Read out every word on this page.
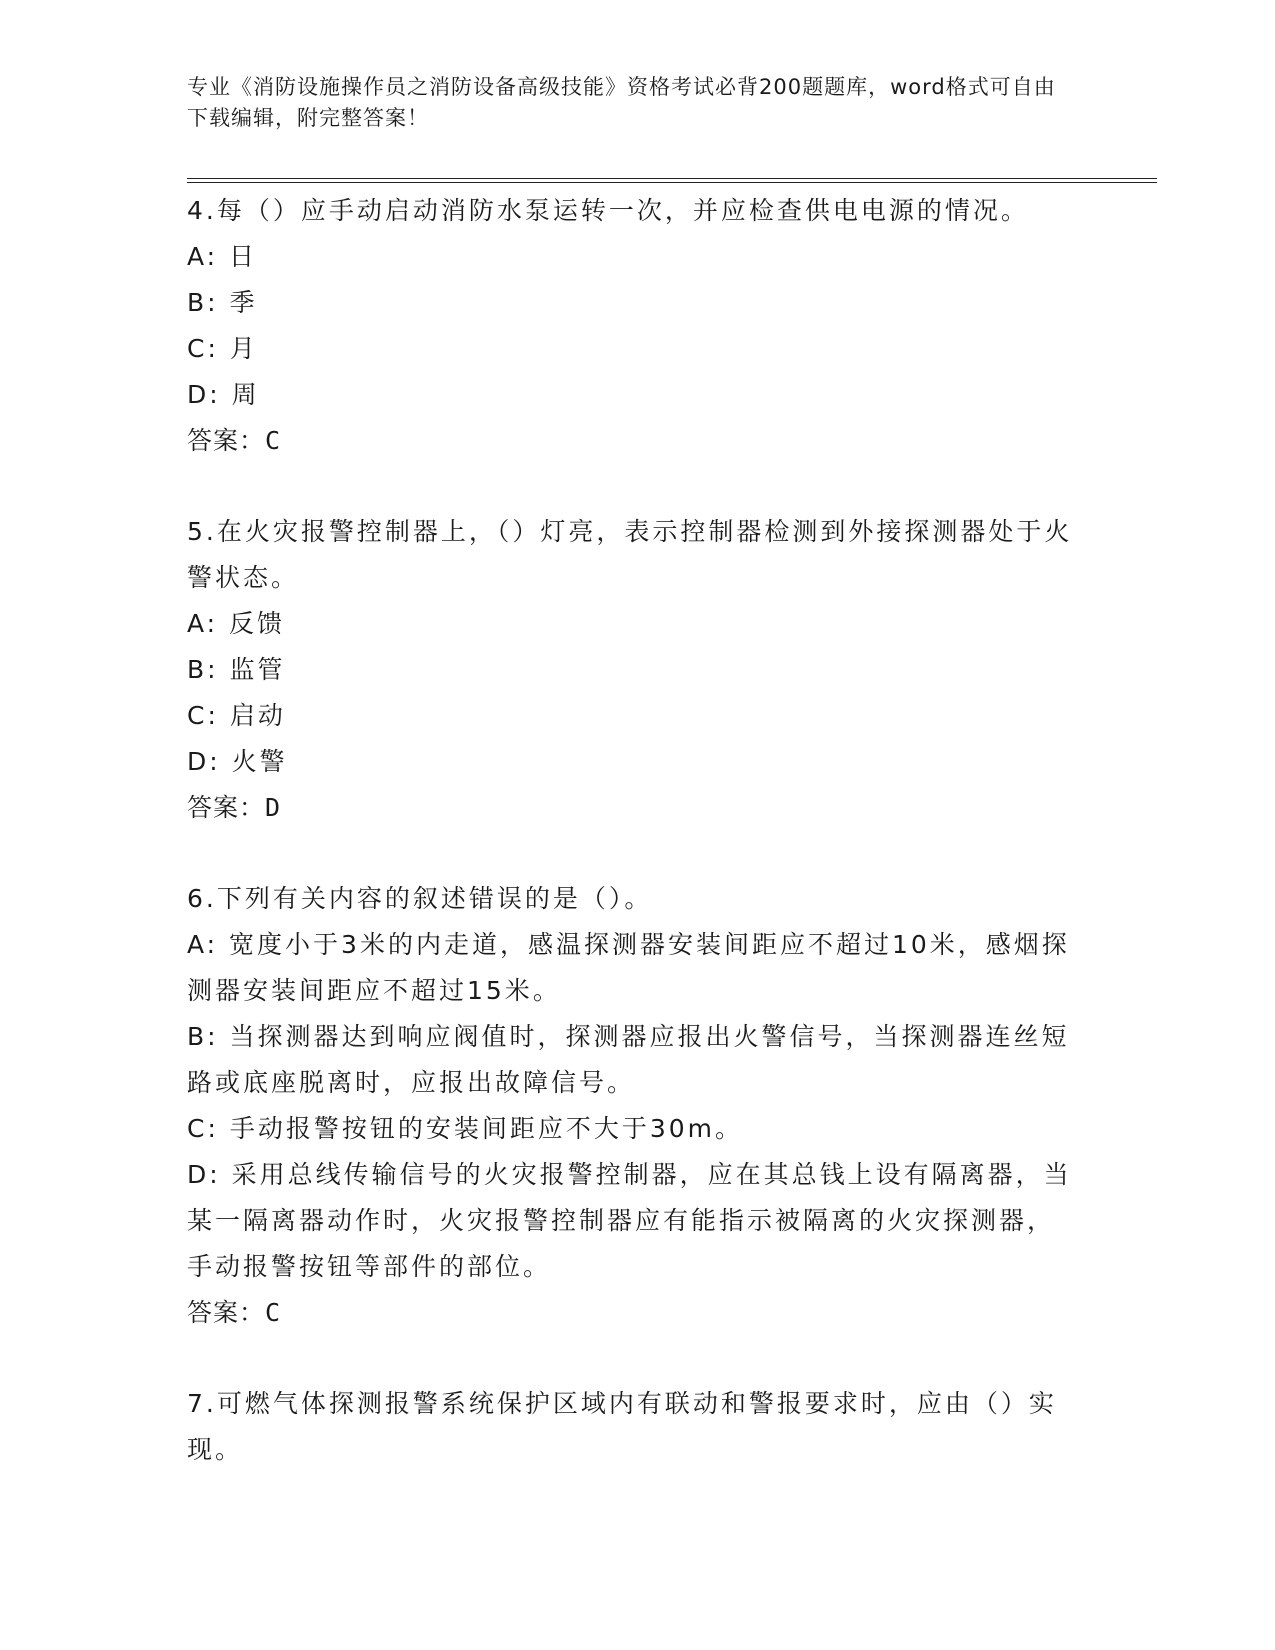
专业《消防设施操作员之消防设备高级技能》资格考试必背200题题库，word格式可自由下载编辑，附完整答案！

4.每（）应手动启动消防水泵运转一次，并应检查供电电源的情况。

A: 日

B: 季

C: 月

D: 周

答案：C

5.在火灾报警控制器上，（）灯亮，表示控制器检测到外接探测器处于火警状态。

A: 反馈

B: 监管

C: 启动

D: 火警

答案：D

6.下列有关内容的叙述错误的是（）。

A: 宽度小于3米的内走道，感温探测器安装间距应不超过10米，感烟探测器安装间距应不超过15米。

B: 当探测器达到响应阀值时，探测器应报出火警信号，当探测器连丝短路或底座脱离时，应报出故障信号。

C: 手动报警按钮的安装间距应不大于30m。

D: 采用总线传输信号的火灾报警控制器，应在其总钱上设有隔离器，当某一隔离器动作时，火灾报警控制器应有能指示被隔离的火灾探测器，手动报警按钮等部件的部位。

答案：C

7.可燃气体探测报警系统保护区域内有联动和警报要求时，应由（）实现。
